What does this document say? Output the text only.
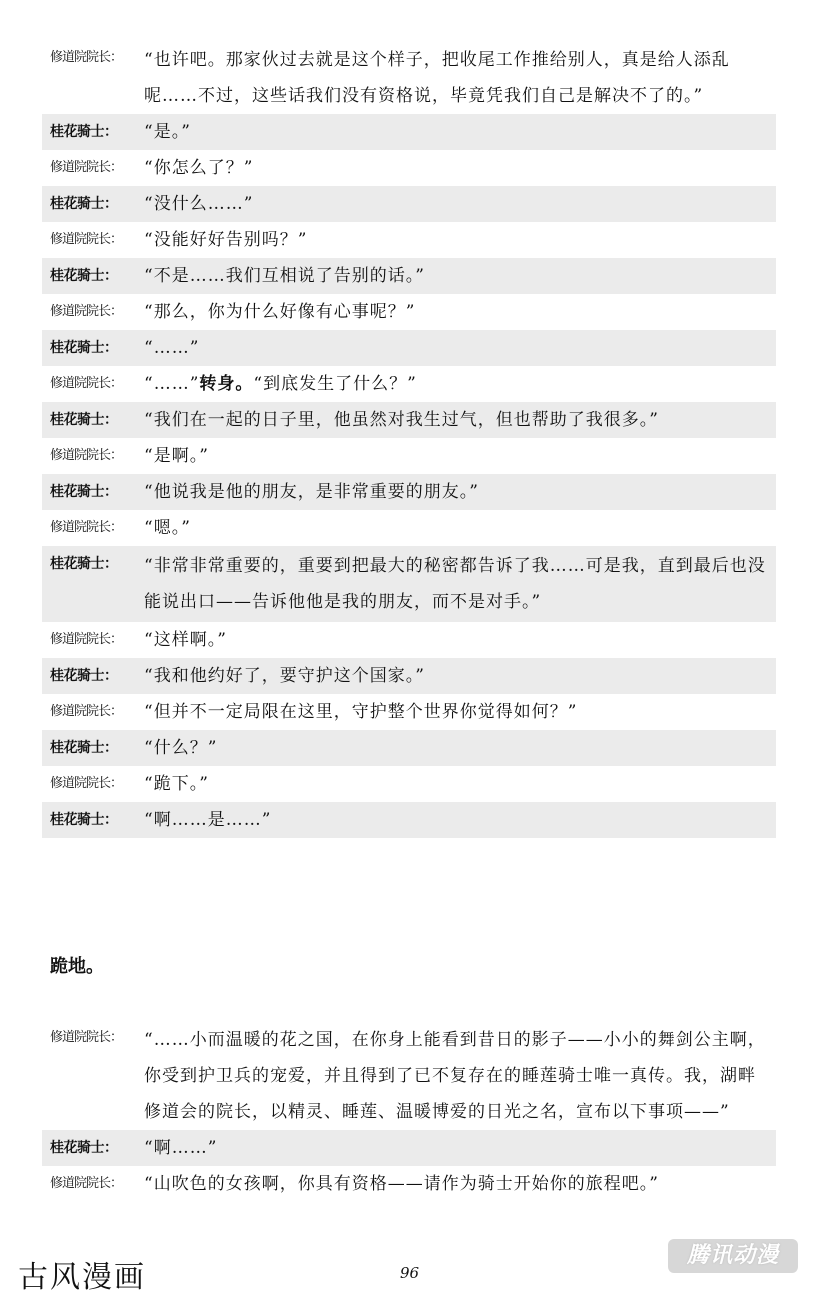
修道院院长：	“也许吧。那家伙过去就是这个样子，把收尾工作推给别人，真是给人添乱呢……不过，这些话我们没有资格说，毕竟凭我们自己是解决不了的。”
桂花骑士：	“是。”
修道院院长：	“你怎么了？”
桂花骑士：	“没什么……”
修道院院长：	“没能好好告别吗？”
桂花骑士：	“不是……我们互相说了告别的话。”
修道院院长：	“那么，你为什么好像有心事呢？”
桂花骑士：	“……”
修道院院长：	“……”转身。“到底发生了什么？”
桂花骑士：	“我们在一起的日子里，他虽然对我生过气，但也帮助了我很多。”
修道院院长：	“是啊。”
桂花骑士：	“他说我是他的朋友，是非常重要的朋友。”
修道院院长：	“嗯。”
桂花骑士：	“非常非常重要的，重要到把最大的秘密都告诉了我……可是我，直到最后也没能说出口——告诉他他是我的朋友，而不是对手。”
修道院院长：	“这样啊。”
桂花骑士：	“我和他约好了，要守护这个国家。”
修道院院长：	“但并不一定局限在这里，守护整个世界你觉得如何？”
桂花骑士：	“什么？”
修道院院长：	“跪下。”
桂花骑士：	“啊……是……”
跪地。
修道院院长：	“……小而温暖的花之国，在你身上能看到昔日的影子——小小的舞剑公主啊，你受到护卫兵的宠爱，并且得到了已不复存在的睡莲骑士唯一真传。我，湖畔修道会的院长，以精灵、睡莲、温暖博爱的日光之名，宣布以下事项——”
桂花骑士：	“啊……”
修道院院长：	“山吹色的女孩啊，你具有资格——请作为骑士开始你的旅程吧。”
古风漫画	96
腾讯动漫
